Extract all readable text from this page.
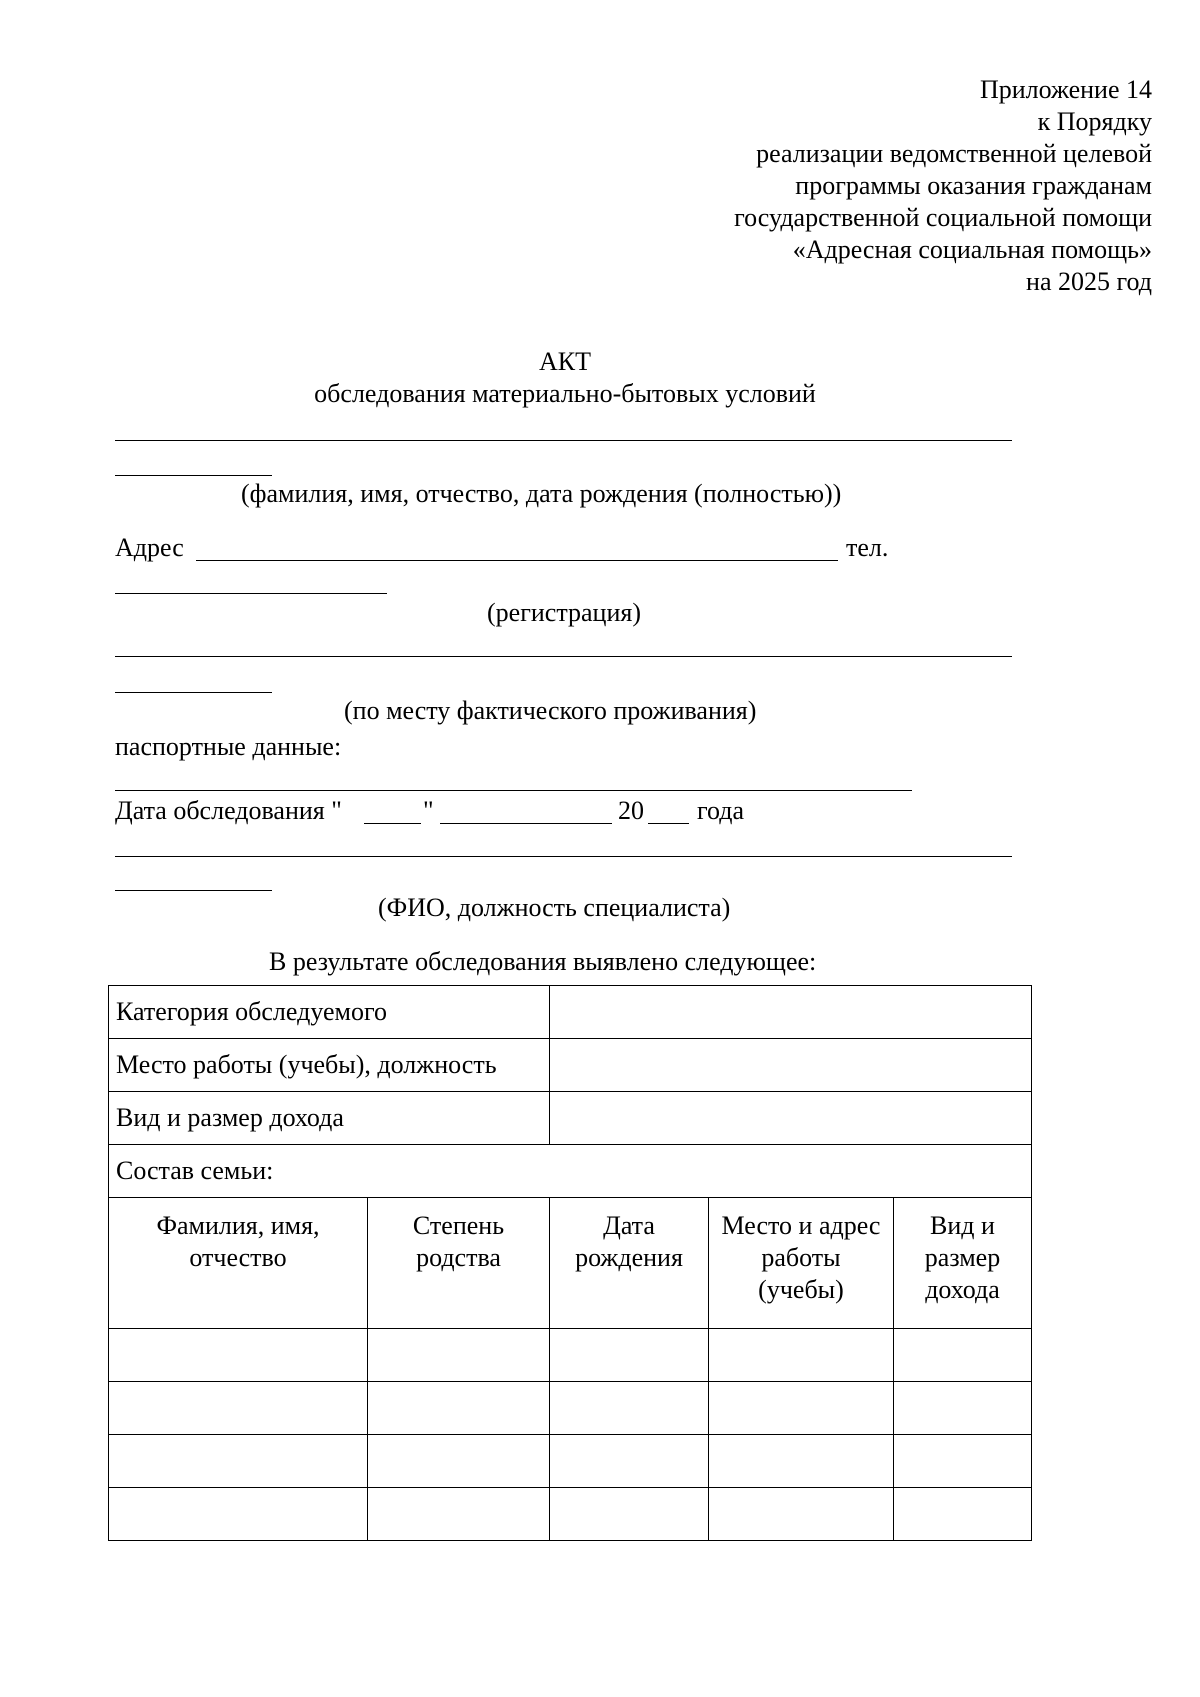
Приложение 14
к Порядку
реализации ведомственной целевой
программы оказания гражданам
государственной социальной помощи
«Адресная социальная помощь»
на 2025 год
АКТ
обследования материально-бытовых условий
(фамилия, имя, отчество, дата рождения (полностью))
Адрес	тел.
(регистрация)
(по месту фактического проживания)
паспортные данные:
Дата обследования "	"	20 года
(ФИО, должность специалиста)
В результате обследования выявлено следующее:
Категория обследуемого				
Место работы (учебы), должность				
Вид и размер дохода				
Состав семьи:				
Фамилия, имя, отчество	Степень родства	Дата рождения	Место и адрес работы (учебы)	Вид и размер дохода
